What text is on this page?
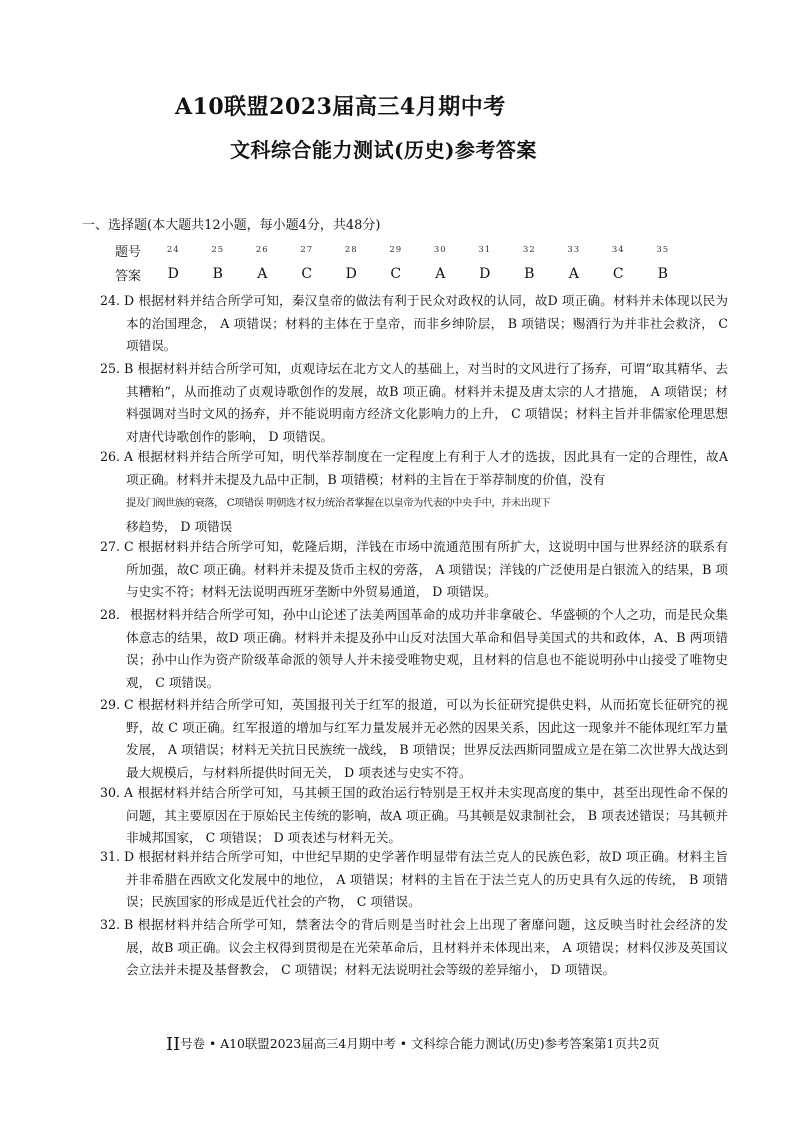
A10联盟2023届高三4月期中考
文科综合能力测试(历史)参考答案
一、选择题(本大题共12小题，每小题4分，共48分)
题号	24	25	26	27	28	29	30	31	32	33	34	35
答案	D	B	A	C	D	C	A	D	B	A	C	B
24. D 根据材料并结合所学可知，秦汉皇帝的做法有利于民众对政权的认同，故D 项正确。材料并未体现以民为本的治国理念， A 项错误；材料的主体在于皇帝，而非乡绅阶层， B 项错误；赐酒行为并非社会救济， C 项错误。
25. B 根据材料并结合所学可知，贞观诗坛在北方文人的基础上，对当时的文风进行了扬弃，可谓“取其精华、去其糟粕”，从而推动了贞观诗歌创作的发展，故B 项正确。材料并未提及唐太宗的人才措施， A 项错误；材料强调对当时文风的扬弃，并不能说明南方经济文化影响力的上升， C 项错误；材料主旨并非儒家伦理思想对唐代诗歌创作的影响， D 项错误。
26. A 根据材料并结合所学可知，明代举荐制度在一定程度上有利于人才的选拔，因此具有一定的合理性，故A 项正确。材料并未提及九品中正制，B 项错模；材料的主旨在于举荐制度的价值，没有
提及门阀世族的衰落， C项错误 明朝选才权力统治者掌握在以皇帝为代表的中央手中，并未出现下
移趋势， D 项错误
27. C 根据材料并结合所学可知，乾隆后期，洋钱在市场中流通范围有所扩大，这说明中国与世界经济的联系有所加强，故C 项正确。材料并未提及货币主权的旁落， A 项错误；洋钱的广泛使用是白银流入的结果，B 项与史实不符；材料无法说明西班牙垄断中外贸易通道， D 项错误。
28. 根据材料并结合所学可知，孙中山论述了法美两国革命的成功并非拿破仑、华盛顿的个人之功，而是民众集体意志的结果，故D 项正确。材料并未提及孙中山反对法国大革命和倡导美国式的共和政体，A、B 两项错误；孙中山作为资产阶级革命派的领导人并未接受唯物史观，且材料的信息也不能说明孙中山接受了唯物史观， C 项错误。
29. C 根据材料并结合所学可知，英国报刊关于红军的报道，可以为长征研究提供史料，从而拓宽长征研究的视野，故 C 项正确。红军报道的增加与红军力量发展并无必然的因果关系，因此这一现象并不能体现红军力量发展， A 项错误；材料无关抗日民族统一战线， B 项错误；世界反法西斯同盟成立是在第二次世界大战达到最大规模后，与材料所提供时间无关， D 项表述与史实不符。
30. A 根据材料并结合所学可知，马其顿王国的政治运行特别是王权并未实现高度的集中，甚至出现性命不保的问题，其主要原因在于原始民主传统的影响，故A 项正确。马其顿是奴隶制社会， B 项表述错误；马其顿并非城邦国家， C 项错误； D 项表述与材料无关。
31. D 根据材料并结合所学可知，中世纪早期的史学著作明显带有法兰克人的民族色彩，故D 项正确。材料主旨并非希腊在西欧文化发展中的地位， A 项错误；材料的主旨在于法兰克人的历史具有久远的传统， B 项错误；民族国家的形成是近代社会的产物， C 项错误。
32. B 根据材料并结合所学可知，禁奢法令的背后则是当时社会上出现了奢靡问题，这反映当时社会经济的发展，故B 项正确。议会主权得到贯彻是在光荣革命后，且材料并未体现出来， A 项错误；材料仅涉及英国议会立法并未提及基督教会， C 项错误；材料无法说明社会等级的差异缩小， D 项错误。
II号卷 • A10联盟2023届高三4月期中考 • 文科综合能力测试(历史)参考答案第1页共2页
